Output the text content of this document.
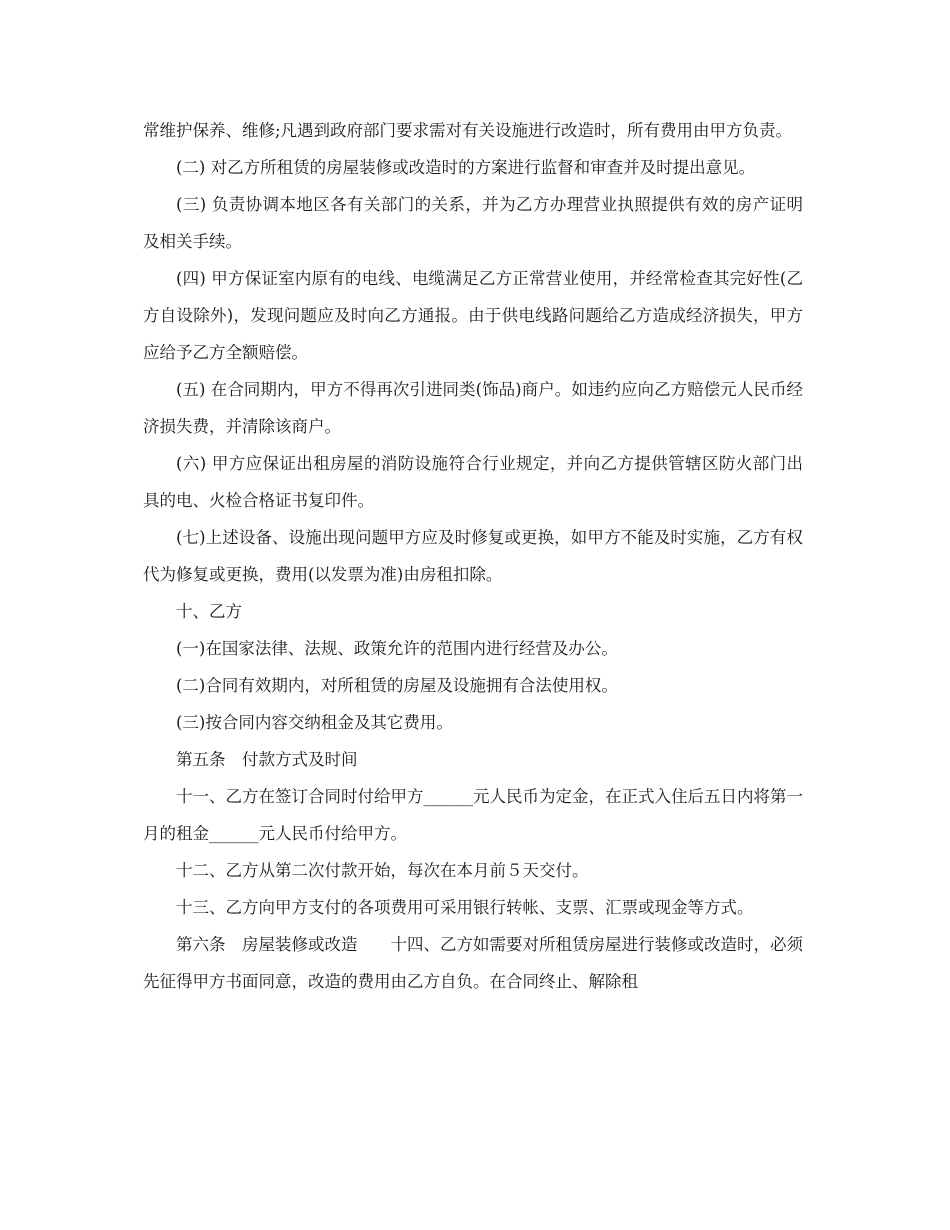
常维护保养、维修;凡遇到政府部门要求需对有关设施进行改造时，所有费用由甲方负责。

(二) 对乙方所租赁的房屋装修或改造时的方案进行监督和审查并及时提出意见。

(三) 负责协调本地区各有关部门的关系，并为乙方办理营业执照提供有效的房产证明及相关手续。

(四) 甲方保证室内原有的电线、电缆满足乙方正常营业使用，并经常检查其完好性(乙方自设除外)，发现问题应及时向乙方通报。由于供电线路问题给乙方造成经济损失，甲方应给予乙方全额赔偿。

(五) 在合同期内，甲方不得再次引进同类(饰品)商户。如违约应向乙方赔偿元人民币经济损失费，并清除该商户。

(六) 甲方应保证出租房屋的消防设施符合行业规定，并向乙方提供管辖区防火部门出具的电、火检合格证书复印件。

(七)上述设备、设施出现问题甲方应及时修复或更换，如甲方不能及时实施，乙方有权代为修复或更换，费用(以发票为准)由房租扣除。

十、乙方

(一)在国家法律、法规、政策允许的范围内进行经营及办公。

(二)合同有效期内，对所租赁的房屋及设施拥有合法使用权。

(三)按合同内容交纳租金及其它费用。

第五条　付款方式及时间

十一、乙方在签订合同时付给甲方______元人民币为定金，在正式入住后五日内将第一月的租金______元人民币付给甲方。

十二、乙方从第二次付款开始，每次在本月前５天交付。

十三、乙方向甲方支付的各项费用可采用银行转帐、支票、汇票或现金等方式。

第六条　房屋装修或改造　　十四、乙方如需要对所租赁房屋进行装修或改造时，必须先征得甲方书面同意，改造的费用由乙方自负。在合同终止、解除租
